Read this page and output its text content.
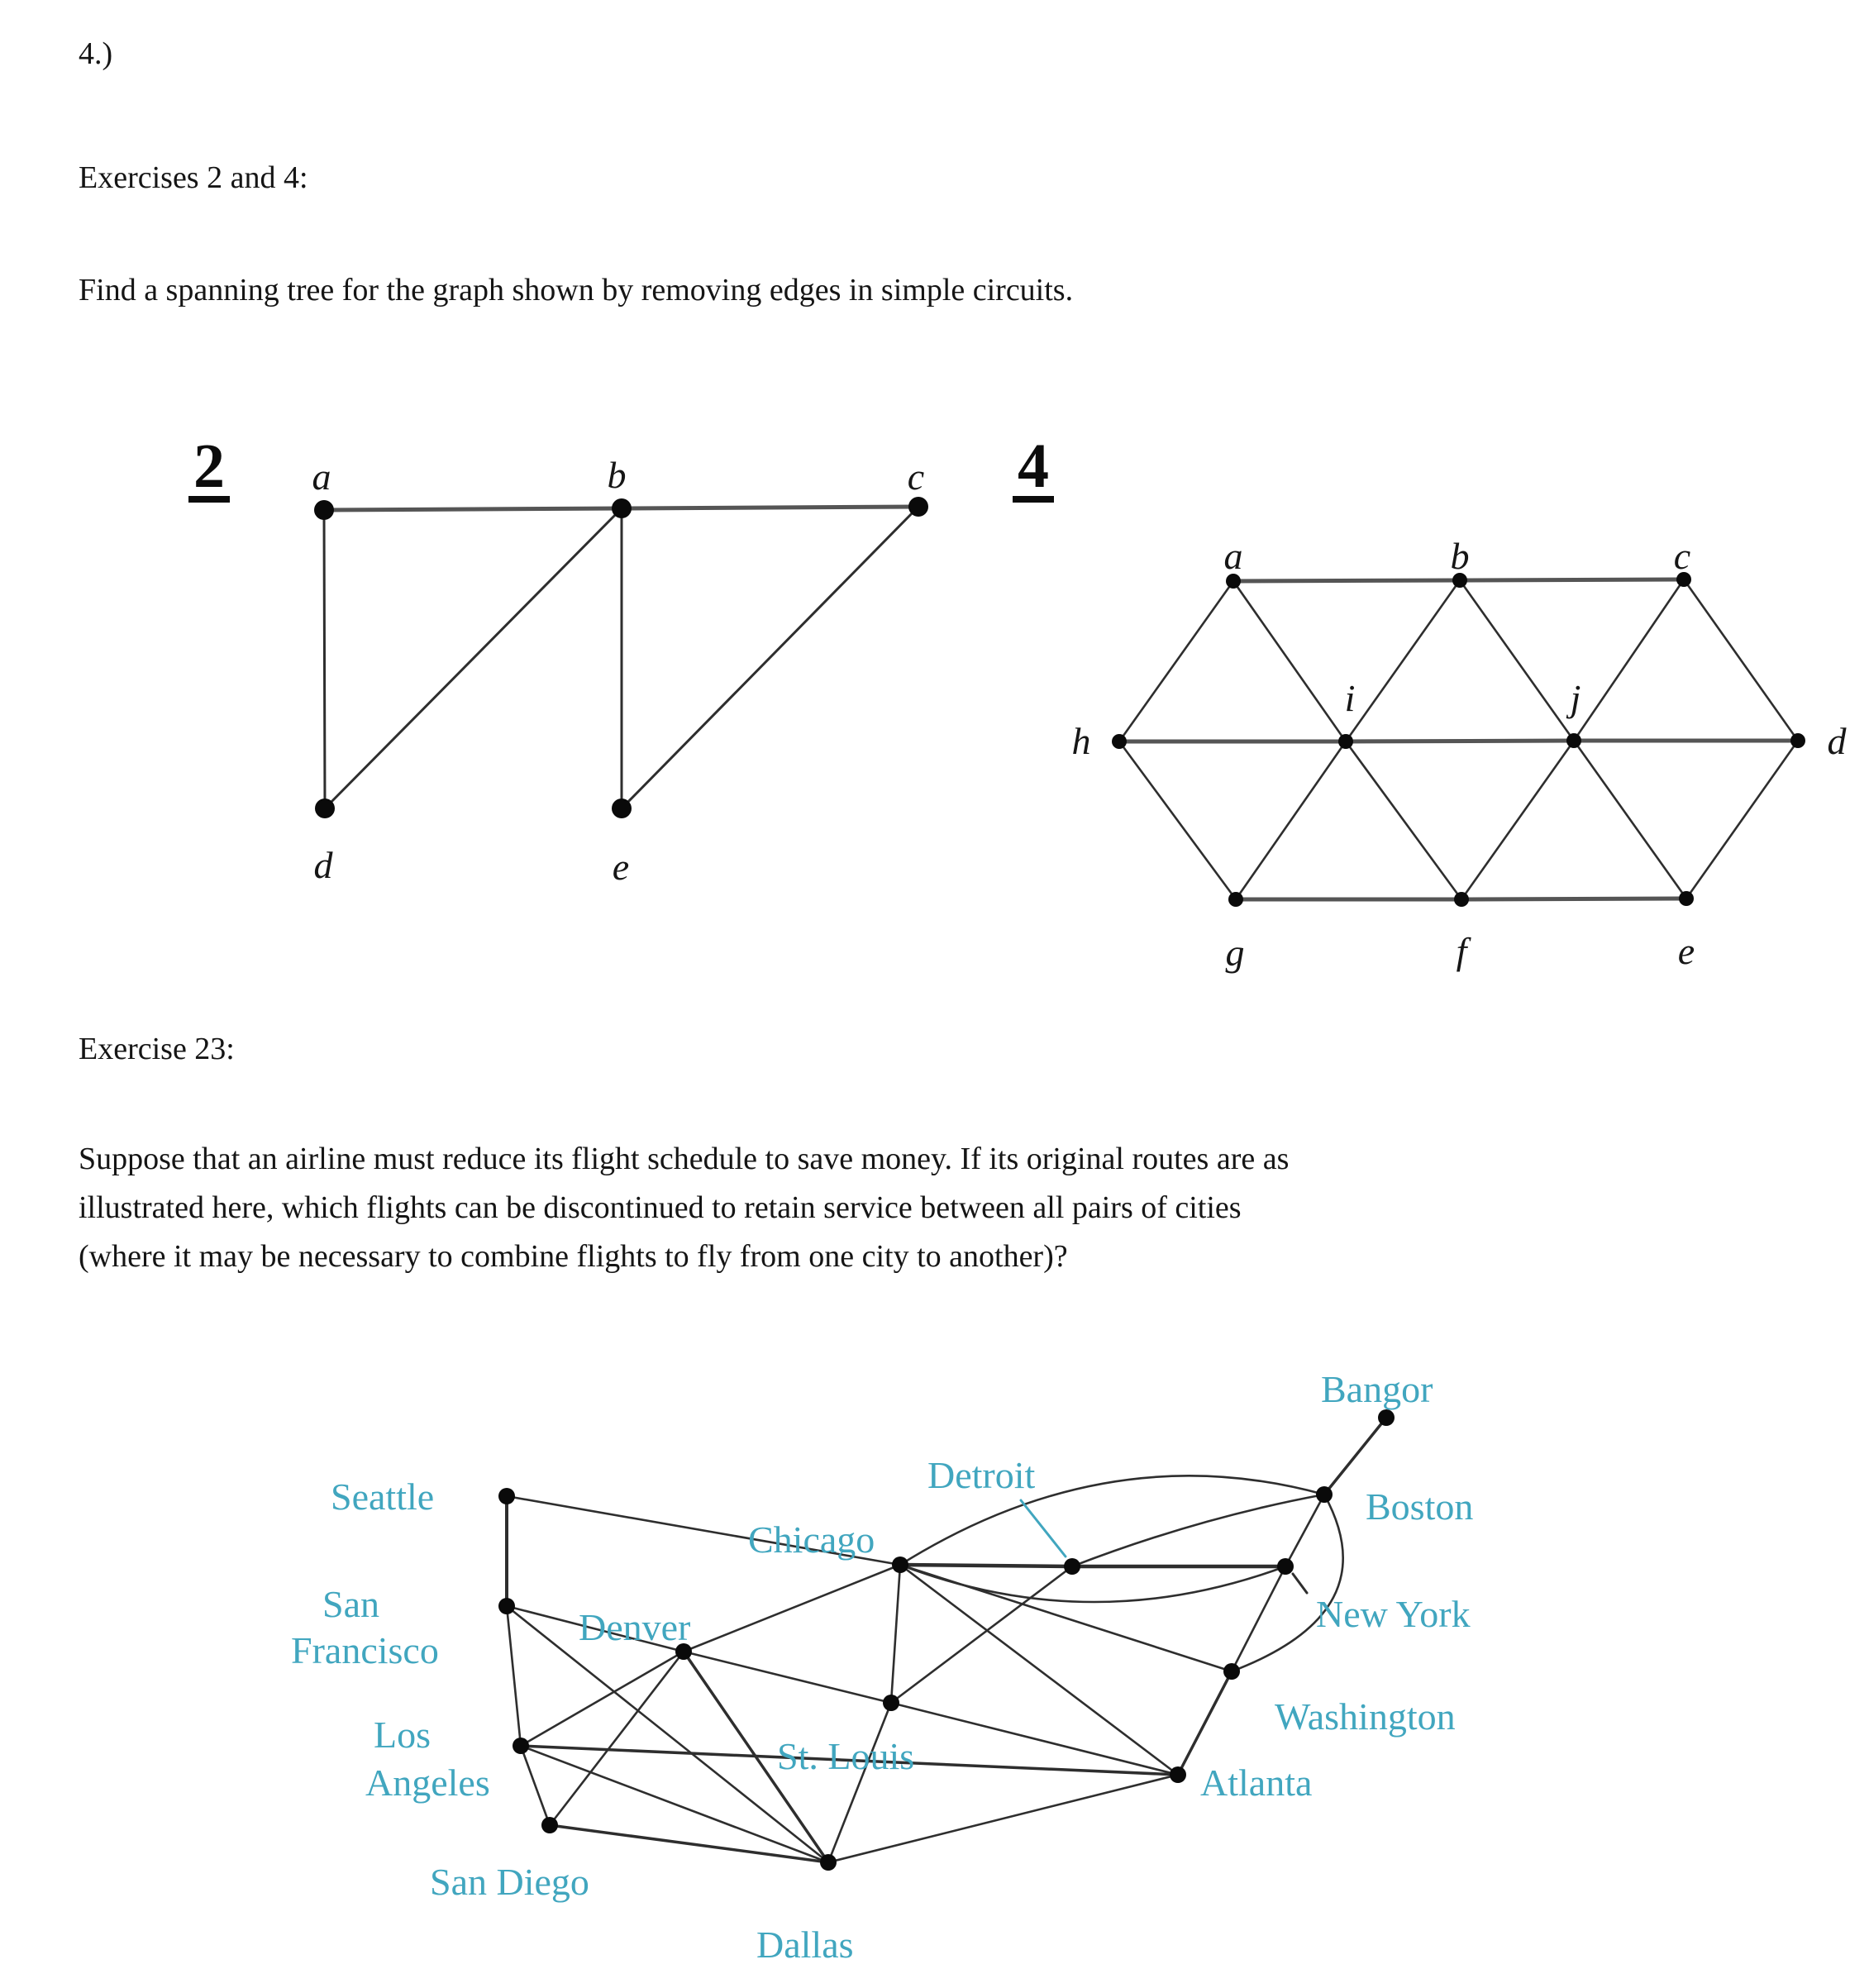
4.)
Exercises 2 and 4:
Find a spanning tree for the graph shown by removing edges in simple circuits.
2	4
a	b	c
d	e
a	b	c
h
i	j
d
g	f	e
Seattle
San
Francisco
Los
Angeles
San Diego
Denver
Chicago
Detroit
St. Louis
Dallas
Atlanta
Washington
New York
Boston
Bangor
Exercise 23:
Suppose that an airline must reduce its flight schedule to save money. If its original routes are as
illustrated here, which flights can be discontinued to retain service between all pairs of cities
(where it may be necessary to combine flights to fly from one city to another)?
